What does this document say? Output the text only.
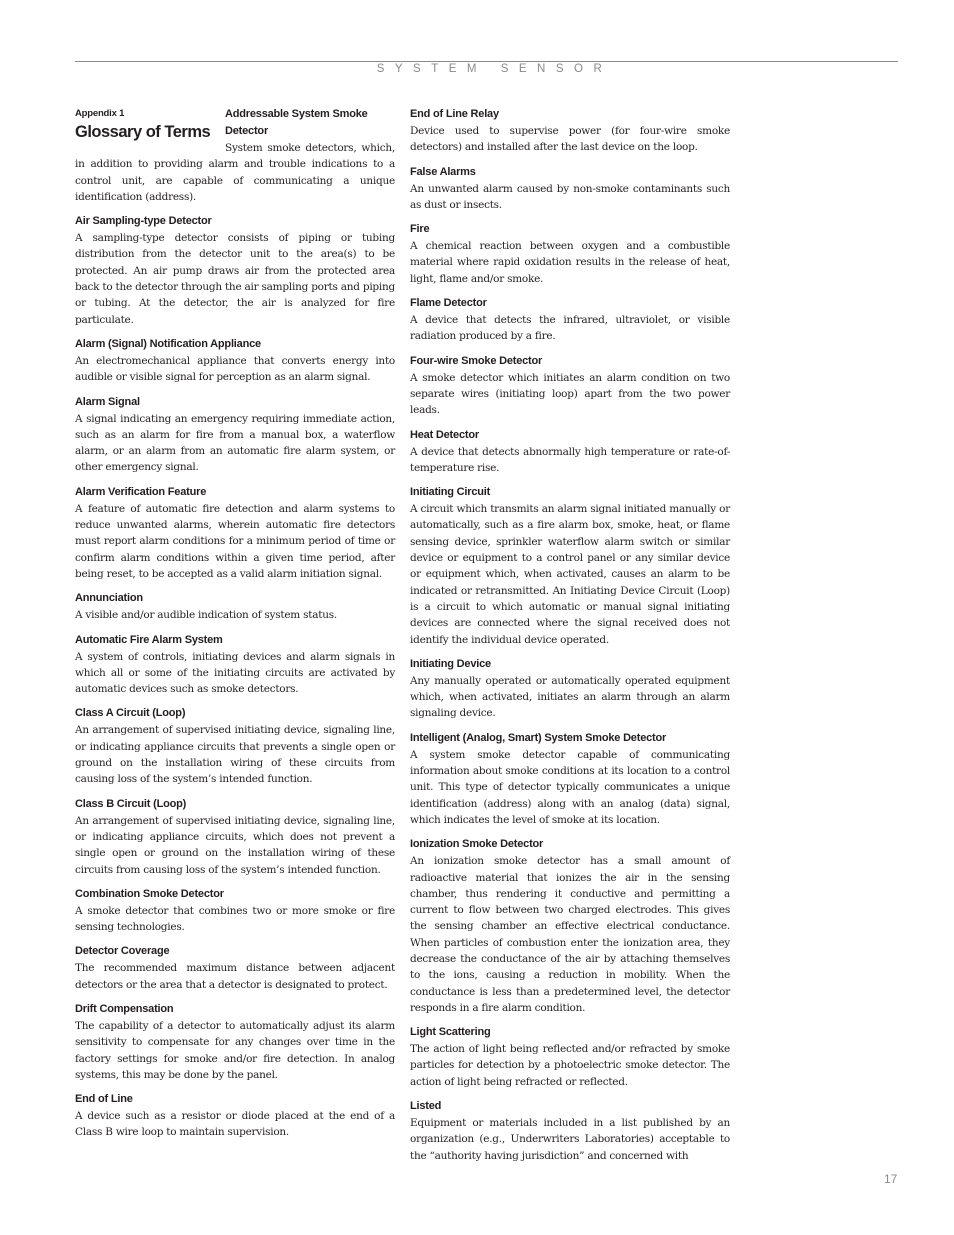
SYSTEM SENSOR
Appendix 1
Glossary of Terms
Addressable System Smoke Detector
System smoke detectors, which, in addition to providing alarm and trouble indications to a control unit, are capable of communicating a unique identification (address).
Air Sampling-type Detector
A sampling-type detector consists of piping or tubing distribution from the detector unit to the area(s) to be protected. An air pump draws air from the protected area back to the detector through the air sampling ports and piping or tubing. At the detector, the air is analyzed for fire particulate.
Alarm (Signal) Notification Appliance
An electromechanical appliance that converts energy into audible or visible signal for perception as an alarm signal.
Alarm Signal
A signal indicating an emergency requiring immediate action, such as an alarm for fire from a manual box, a waterflow alarm, or an alarm from an automatic fire alarm system, or other emergency signal.
Alarm Verification Feature
A feature of automatic fire detection and alarm systems to reduce unwanted alarms, wherein automatic fire detectors must report alarm conditions for a minimum period of time or confirm alarm conditions within a given time period, after being reset, to be accepted as a valid alarm initiation signal.
Annunciation
A visible and/or audible indication of system status.
Automatic Fire Alarm System
A system of controls, initiating devices and alarm signals in which all or some of the initiating circuits are activated by automatic devices such as smoke detectors.
Class A Circuit (Loop)
An arrangement of supervised initiating device, signaling line, or indicating appliance circuits that prevents a single open or ground on the installation wiring of these circuits from causing loss of the system’s intended function.
Class B Circuit (Loop)
An arrangement of supervised initiating device, signaling line, or indicating appliance circuits, which does not prevent a single open or ground on the installation wiring of these circuits from causing loss of the system’s intended function.
Combination Smoke Detector
A smoke detector that combines two or more smoke or fire sensing technologies.
Detector Coverage
The recommended maximum distance between adjacent detectors or the area that a detector is designated to protect.
Drift Compensation
The capability of a detector to automatically adjust its alarm sensitivity to compensate for any changes over time in the factory settings for smoke and/or fire detection. In analog systems, this may be done by the panel.
End of Line
A device such as a resistor or diode placed at the end of a Class B wire loop to maintain supervision.
End of Line Relay
Device used to supervise power (for four-wire smoke detectors) and installed after the last device on the loop.
False Alarms
An unwanted alarm caused by non-smoke contaminants such as dust or insects.
Fire
A chemical reaction between oxygen and a combustible material where rapid oxidation results in the release of heat, light, flame and/or smoke.
Flame Detector
A device that detects the infrared, ultraviolet, or visible radiation produced by a fire.
Four-wire Smoke Detector
A smoke detector which initiates an alarm condition on two separate wires (initiating loop) apart from the two power leads.
Heat Detector
A device that detects abnormally high temperature or rate-of-temperature rise.
Initiating Circuit
A circuit which transmits an alarm signal initiated manually or automatically, such as a fire alarm box, smoke, heat, or flame sensing device, sprinkler waterflow alarm switch or similar device or equipment to a control panel or any similar device or equipment which, when activated, causes an alarm to be indicated or retransmitted. An Initiating Device Circuit (Loop) is a circuit to which automatic or manual signal initiating devices are connected where the signal received does not identify the individual device operated.
Initiating Device
Any manually operated or automatically operated equipment which, when activated, initiates an alarm through an alarm signaling device.
Intelligent (Analog, Smart) System Smoke Detector
A system smoke detector capable of communicating information about smoke conditions at its location to a control unit. This type of detector typically communicates a unique identification (address) along with an analog (data) signal, which indicates the level of smoke at its location.
Ionization Smoke Detector
An ionization smoke detector has a small amount of radioactive material that ionizes the air in the sensing chamber, thus rendering it conductive and permitting a current to flow between two charged electrodes. This gives the sensing chamber an effective electrical conductance. When particles of combustion enter the ionization area, they decrease the conductance of the air by attaching themselves to the ions, causing a reduction in mobility. When the conductance is less than a predetermined level, the detector responds in a fire alarm condition.
Light Scattering
The action of light being reflected and/or refracted by smoke particles for detection by a photoelectric smoke detector. The action of light being refracted or reflected.
Listed
Equipment or materials included in a list published by an organization (e.g., Underwriters Laboratories) acceptable to the “authority having jurisdiction” and concerned with
17
